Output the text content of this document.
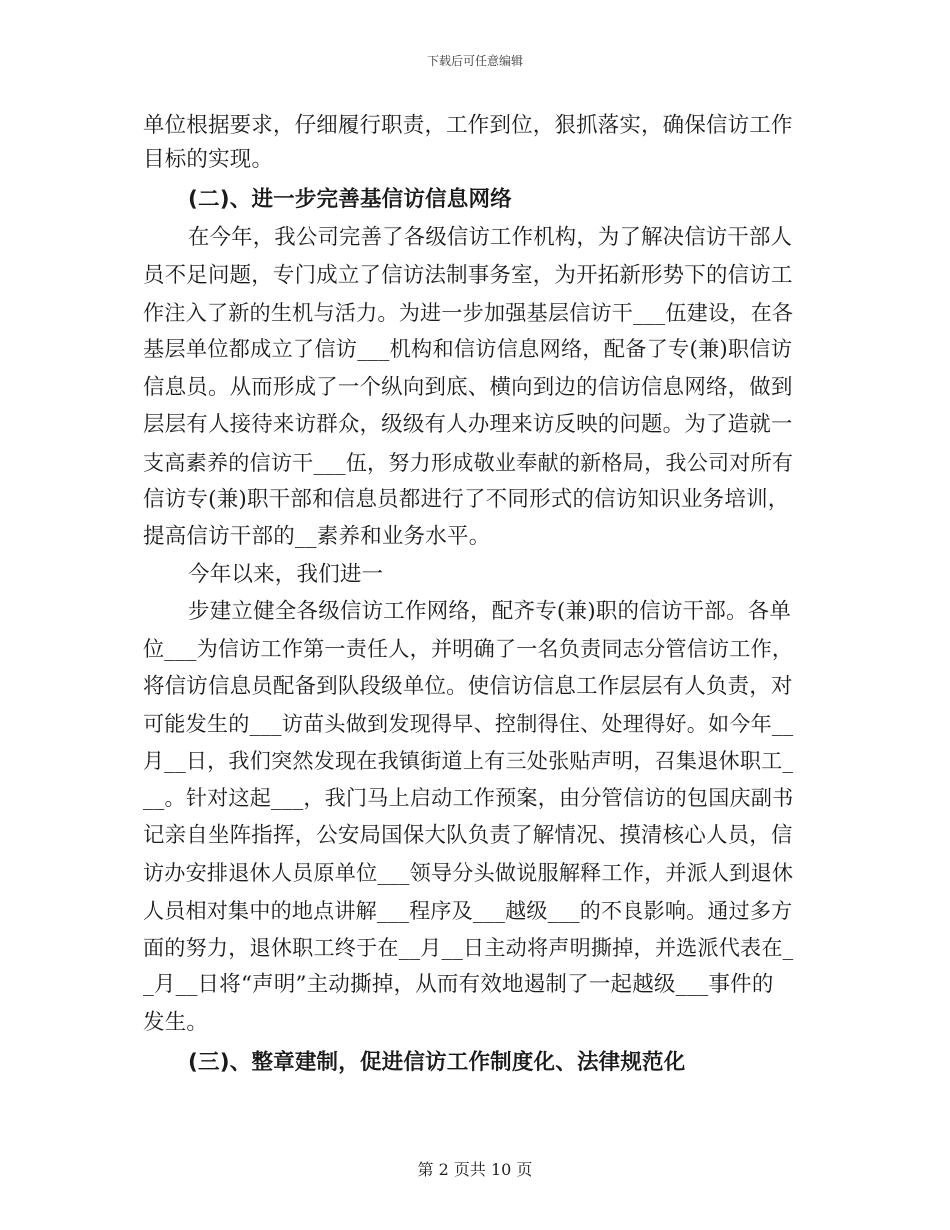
下载后可任意编辑
单位根据要求，仔细履行职责，工作到位，狠抓落实，确保信访工作
目标的实现。
(二)、进一步完善基信访信息网络
在今年，我公司完善了各级信访工作机构，为了解决信访干部人
员不足问题，专门成立了信访法制事务室，为开拓新形势下的信访工
作注入了新的生机与活力。为进一步加强基层信访干___伍建设，在各
基层单位都成立了信访___机构和信访信息网络，配备了专(兼)职信访
信息员。从而形成了一个纵向到底、横向到边的信访信息网络，做到
层层有人接待来访群众，级级有人办理来访反映的问题。为了造就一
支高素养的信访干___伍，努力形成敬业奉献的新格局，我公司对所有
信访专(兼)职干部和信息员都进行了不同形式的信访知识业务培训，
提高信访干部的__素养和业务水平。
今年以来，我们进一
步建立健全各级信访工作网络，配齐专(兼)职的信访干部。各单
位___为信访工作第一责任人，并明确了一名负责同志分管信访工作，
将信访信息员配备到队段级单位。使信访信息工作层层有人负责，对
可能发生的___访苗头做到发现得早、控制得住、处理得好。如今年__
月__日，我们突然发现在我镇街道上有三处张贴声明，召集退休职工_
__。针对这起___，我门马上启动工作预案，由分管信访的包国庆副书
记亲自坐阵指挥，公安局国保大队负责了解情况、摸清核心人员，信
访办安排退休人员原单位___领导分头做说服解释工作，并派人到退休
人员相对集中的地点讲解___程序及___越级___的不良影响。通过多方
面的努力，退休职工终于在__月__日主动将声明撕掉，并选派代表在_
_月__日将“声明”主动撕掉，从而有效地遏制了一起越级___事件的
发生。
(三)、整章建制，促进信访工作制度化、法律规范化
第 2 页共 10 页
